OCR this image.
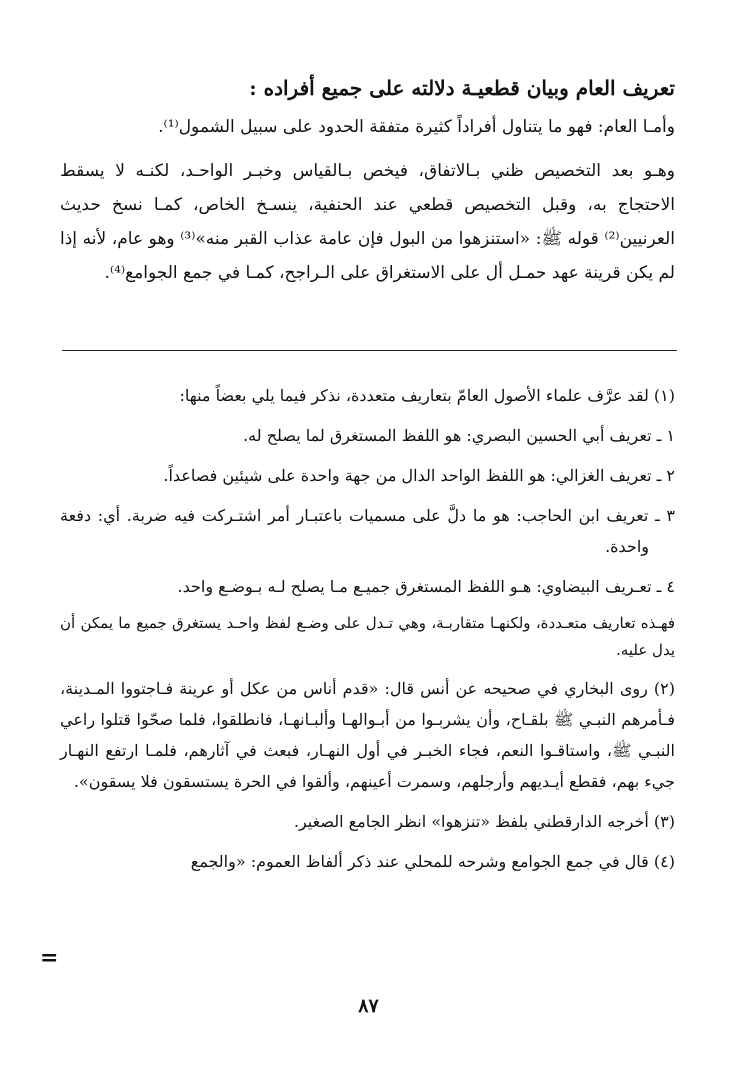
تعريف العام وبيان قطعيـة دلالته على جميع أفراده :

وأمـا العام: فهو ما يتناول أفراداً كثيرة متفقة الحدود على سبيل الشمول⁽¹⁾.

وهـو بعد التخصيص ظني بـالاتفاق، فيخص بـالقياس وخبـر الواحـد، لكنـه لا يسقط الاحتجاج به، وقبل التخصيص قطعي عند الحنفية، ينسـخ الخاص، كمـا نسخ حديث العرنيين⁽²⁾ قوله ﷺ: «استنزهوا من البول فإن عامة عذاب القبر منه»⁽³⁾ وهو عام، لأنه إذا لم يكن قرينة عهد حمـل أل على الاستغراق على الـراجح، كمـا في جمع الجوامع⁽⁴⁾.

(١) لقد عرَّف علماء الأصول العامّ بتعاريف متعددة، نذكر فيما يلي بعضاً منها:

١ ـ تعريف أبي الحسين البصري: هو اللفظ المستغرق لما يصلح له.

٢ ـ تعريف الغزالي: هو اللفظ الواحد الدال من جهة واحدة على شيئين فصاعداً.

٣ ـ تعريف ابن الحاجب: هو ما دلَّ على مسميات باعتبـار أمر اشتـركت فيه ضربة. أي: دفعة واحدة.

٤ ـ تعـريف البيضاوي: هـو اللفظ المستغرق جميـع مـا يصلح لـه بـوضـع واحد.

فهـذه تعاريف متعـددة، ولكنهـا متقاربـة، وهي تـدل على وضـع لفظ واحـد يستغرق جميع ما يمكن أن يدل عليه.

(٢) روى البخاري في صحيحه عن أنس قال: «قدم أناس من عكل أو عرينة فـاجتووا المـدينة، فـأمرهم النبـي ﷺ بلقـاح، وأن يشربـوا من أبـوالهـا وألبـانهـا، فانطلقوا، فلما صحّوا قتلوا راعي النبـي ﷺ، واستاقـوا النعم، فجاء الخبـر في أول النهـار، فبعث في آثارهم، فلمـا ارتفع النهـار جيء بهم، فقطع أيـديهم وأرجلهم، وسمرت أعينهم، وألقوا في الحرة يستسقون فلا يسقون».

(٣) أخرجه الدارقطني بلفظ «تنزهوا» انظر الجامع الصغير.

(٤) قال في جمع الجوامع وشرحه للمحلي عند ذكر ألفاظ العموم: «والجمع

=
٨٧
